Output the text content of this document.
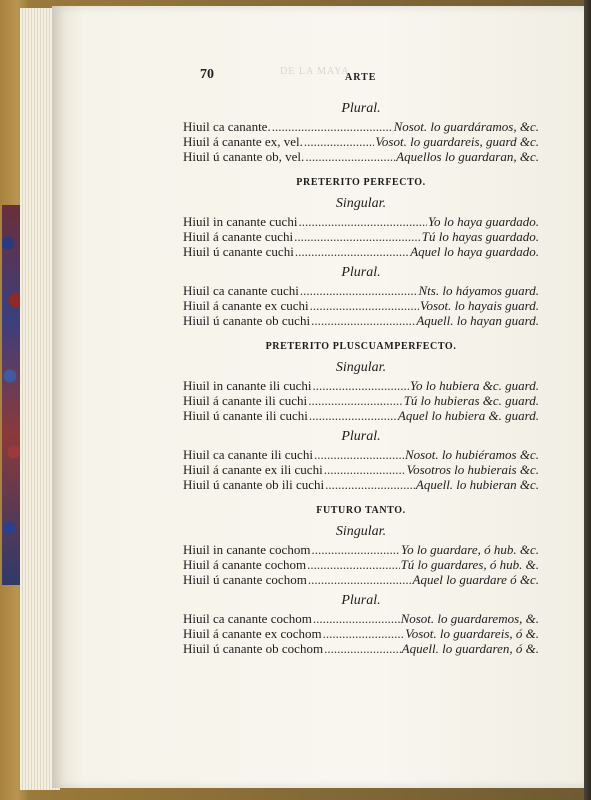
DE LA MAYA
70	ARTE
Plural.
Hiuil ca canante. .....	Nosot. lo guardáramos, &c.
Hiuil á canante ex, vel. .....	Vosot. lo guardareis, guard &c.
Hiuil ú canante ob, vel. .....	Aquellos lo guardaran, &c.
PRETERITO PERFECTO.
Singular.
Hiuil in canante cuchi .....	Yo lo haya guardado.
Hiuil á canante cuchi .....	Tú lo hayas guardado.
Hiuil ú canante cuchi .....	Aquel lo haya guardado.
Plural.
Hiuil ca canante cuchi .....	Nts. lo háyamos guard.
Hiuil á canante ex cuchi .....	Vosot. lo hayais guard.
Hiuil ú canante ob cuchi .....	Aquell. lo hayan guard.
PRETERITO PLUSCUAMPERFECTO.
Singular.
Hiuil in canante ili cuchi .....	Yo lo hubiera &c. guard.
Hiuil á canante ili cuchi .....	Tú lo hubieras &c. guard.
Hiuil ú canante ili cuchi .....	Aquel lo hubiera &. guard.
Plural.
Hiuil ca canante ili cuchi .....	Nosot. lo hubiéramos &c.
Hiuil á canante ex ili cuchi .....	Vosotros lo hubierais &c.
Hiuil ú canante ob ili cuchi .....	Aquell. lo hubieran &c.
FUTURO TANTO.
Singular.
Hiuil in canante cochom .....	Yo lo guardare, ó hub. &c.
Hiuil á canante cochom .....	Tú lo guardares, ó hub. &.
Hiuil ú canante cochom .....	Aquel lo guardare ó &c.
Plural.
Hiuil ca canante cochom .....	Nosot. lo guardaremos, &.
Hiuil á canante ex cochom .....	Vosot. lo guardareis, ó &.
Hiuil ú canante ob cochom .....	Aquell. lo guardaren, ó &.
